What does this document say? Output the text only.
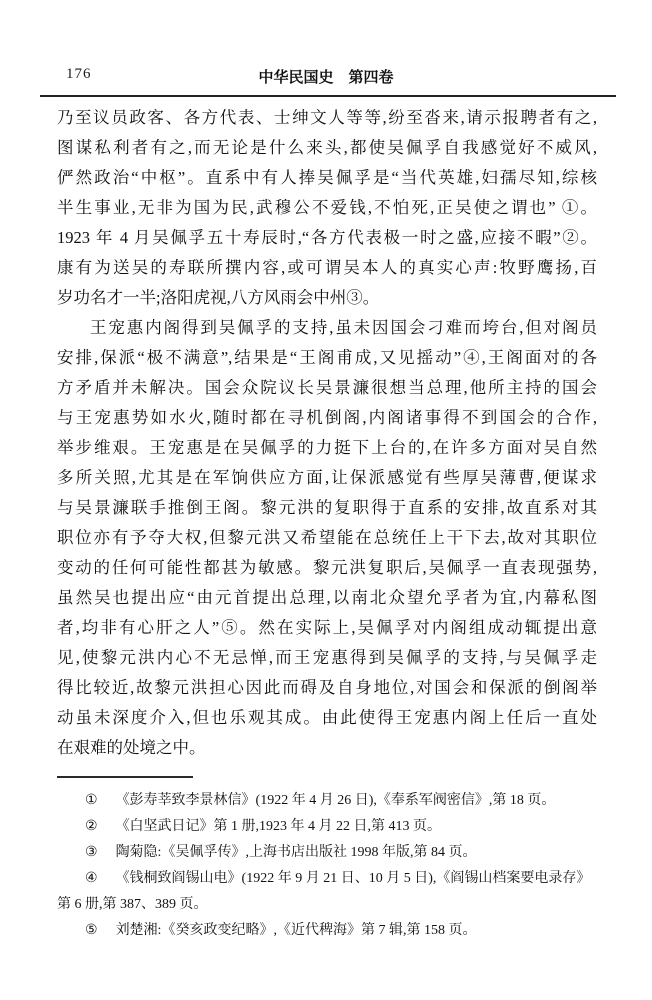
176	中华民国史　第四卷
乃至议员政客、各方代表、士绅文人等等,纷至沓来,请示报聘者有之,
图谋私利者有之,而无论是什么来头,都使吴佩孚自我感觉好不威风,
俨然政治“中枢”。直系中有人捧吴佩孚是“当代英雄,妇孺尽知,综核
半生事业,无非为国为民,武穆公不爱钱,不怕死,正吴使之谓也” ①。
1923 年 4 月吴佩孚五十寿辰时,“各方代表极一时之盛,应接不暇”②。
康有为送吴的寿联所撰内容,或可谓吴本人的真实心声:牧野鹰扬,百
岁功名才一半;洛阳虎视,八方风雨会中州③。
王宠惠内阁得到吴佩孚的支持,虽未因国会刁难而垮台,但对阁员
安排,保派“极不满意”,结果是“王阁甫成,又见摇动”④,王阁面对的各
方矛盾并未解决。国会众院议长吴景濂很想当总理,他所主持的国会
与王宠惠势如水火,随时都在寻机倒阁,内阁诸事得不到国会的合作,
举步维艰。王宠惠是在吴佩孚的力挺下上台的,在许多方面对吴自然
多所关照,尤其是在军饷供应方面,让保派感觉有些厚吴薄曹,便谋求
与吴景濂联手推倒王阁。黎元洪的复职得于直系的安排,故直系对其
职位亦有予夺大权,但黎元洪又希望能在总统任上干下去,故对其职位
变动的任何可能性都甚为敏感。黎元洪复职后,吴佩孚一直表现强势,
虽然吴也提出应“由元首提出总理,以南北众望允孚者为宜,内幕私图
者,均非有心肝之人”⑤。然在实际上,吴佩孚对内阁组成动辄提出意
见,使黎元洪内心不无忌惮,而王宠惠得到吴佩孚的支持,与吴佩孚走
得比较近,故黎元洪担心因此而碍及自身地位,对国会和保派的倒阁举
动虽未深度介入,但也乐观其成。由此使得王宠惠内阁上任后一直处
在艰难的处境之中。
① 《彭寿莘致李景林信》(1922 年 4 月 26 日),《奉系军阀密信》,第 18 页。
② 《白坚武日记》第 1 册,1923 年 4 月 22 日,第 413 页。
③ 陶菊隐:《吴佩孚传》,上海书店出版社 1998 年版,第 84 页。
④ 《钱桐致阎锡山电》(1922 年 9 月 21 日、10 月 5 日),《阎锡山档案要电录存》
第 6 册,第 387、389 页。
⑤ 刘楚湘:《癸亥政变纪略》,《近代稗海》第 7 辑,第 158 页。
